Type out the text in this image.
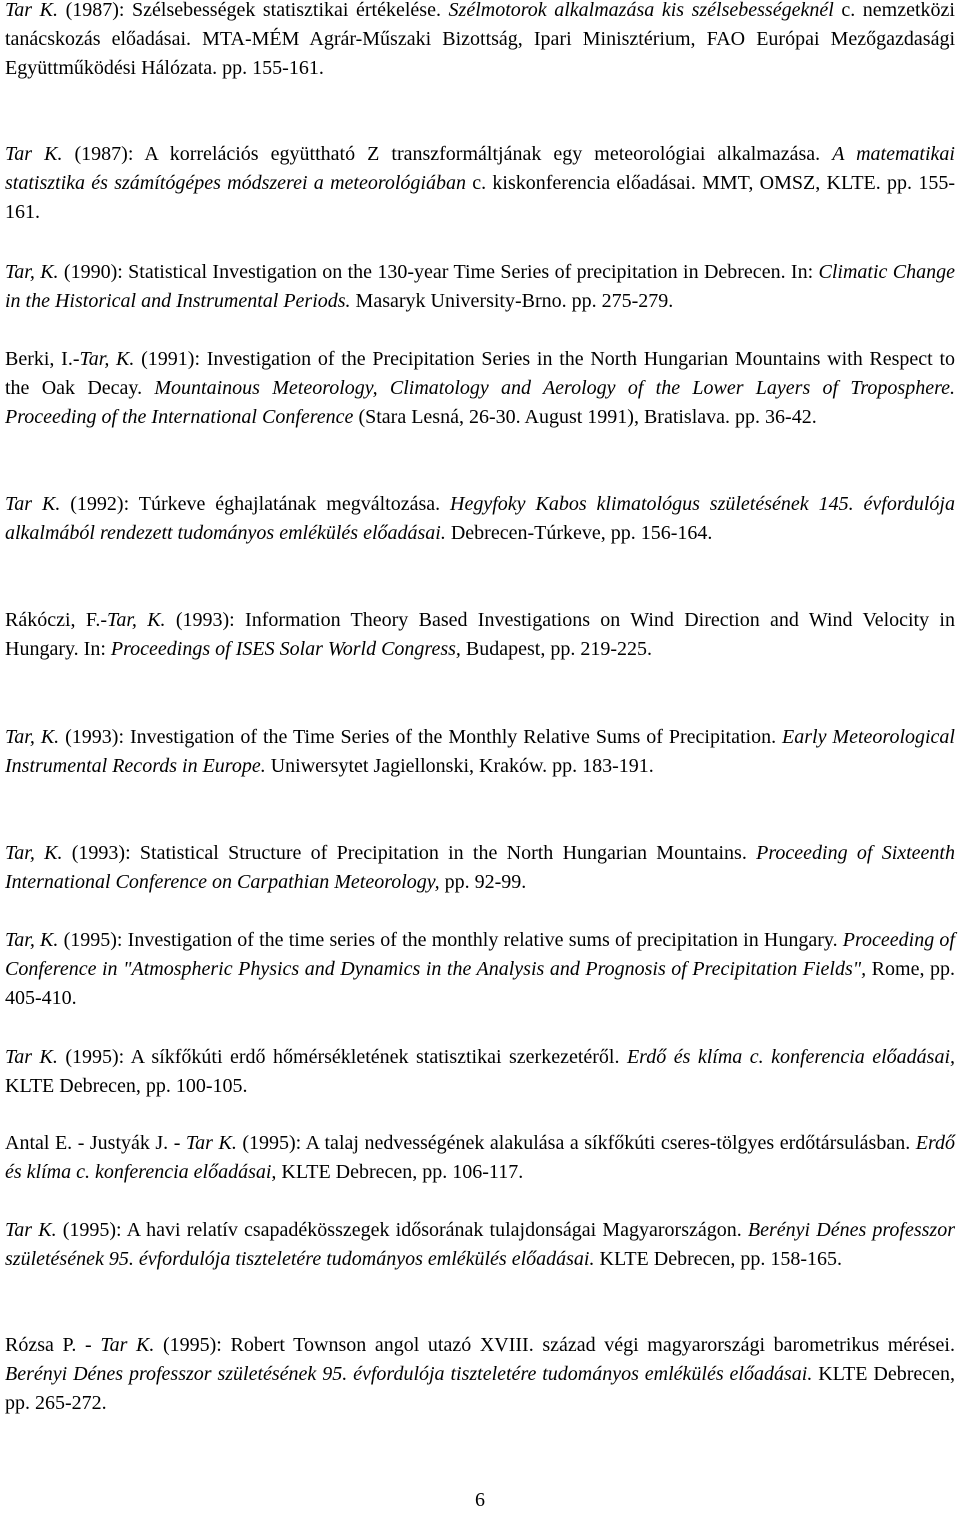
Tar K. (1987): Szélsebességek statisztikai értékelése. Szélmotorok alkalmazása kis szélsebességeknél c. nemzetközi tanácskozás előadásai. MTA-MÉM Agrár-Műszaki Bizottság, Ipari Minisztérium, FAO Európai Mezőgazdasági Együttműködési Hálózata. pp. 155-161.

Tar K. (1987): A korrelációs együttható Z transzformáltjának egy meteorológiai alkalmazása. A matematikai statisztika és számítógépes módszerei a meteorológiában c. kiskonferencia előadásai. MMT, OMSZ, KLTE. pp. 155-161.

Tar, K. (1990): Statistical Investigation on the 130-year Time Series of precipitation in Debrecen. In: Climatic Change in the Historical and Instrumental Periods. Masaryk University-Brno. pp. 275-279.

Berki, I.-Tar, K. (1991): Investigation of the Precipitation Series in the North Hungarian Mountains with Respect to the Oak Decay. Mountainous Meteorology, Climatology and Aerology of the Lower Layers of Troposphere. Proceeding of the International Conference (Stara Lesná, 26-30. August 1991), Bratislava. pp. 36-42.

Tar K. (1992): Túrkeve éghajlatának megváltozása. Hegyfoky Kabos klimatológus születésének 145. évfordulója alkalmából rendezett tudományos emlékülés előadásai. Debrecen-Túrkeve, pp. 156-164.

Rákóczi, F.-Tar, K. (1993): Information Theory Based Investigations on Wind Direction and Wind Velocity in Hungary. In: Proceedings of ISES Solar World Congress, Budapest, pp. 219-225.

Tar, K. (1993): Investigation of the Time Series of the Monthly Relative Sums of Precipitation. Early Meteorological Instrumental Records in Europe. Uniwersytet Jagiellonski, Kraków. pp. 183-191.

Tar, K. (1993): Statistical Structure of Precipitation in the North Hungarian Mountains. Proceeding of Sixteenth International Conference on Carpathian Meteorology, pp. 92-99.

Tar, K. (1995): Investigation of the time series of the monthly relative sums of precipitation in Hungary. Proceeding of Conference in "Atmospheric Physics and Dynamics in the Analysis and Prognosis of Precipitation Fields", Rome, pp. 405-410.

Tar K. (1995): A síkfőkúti erdő hőmérsékletének statisztikai szerkezetéről. Erdő és klíma c. konferencia előadásai, KLTE Debrecen, pp. 100-105.

Antal E. - Justyák J. - Tar K. (1995): A talaj nedvességének alakulása a síkfőkúti cseres-tölgyes erdőtársulásban. Erdő és klíma c. konferencia előadásai, KLTE Debrecen, pp. 106-117.

Tar K. (1995): A havi relatív csapadékösszegek idősorának tulajdonságai Magyarországon. Berényi Dénes professzor születésének 95. évfordulója tiszteletére tudományos emlékülés előadásai. KLTE Debrecen, pp. 158-165.

Rózsa P. - Tar K. (1995): Robert Townson angol utazó XVIII. század végi magyarországi barometrikus mérései. Berényi Dénes professzor születésének 95. évfordulója tiszteletére tudományos emlékülés előadásai. KLTE Debrecen, pp. 265-272.

6
